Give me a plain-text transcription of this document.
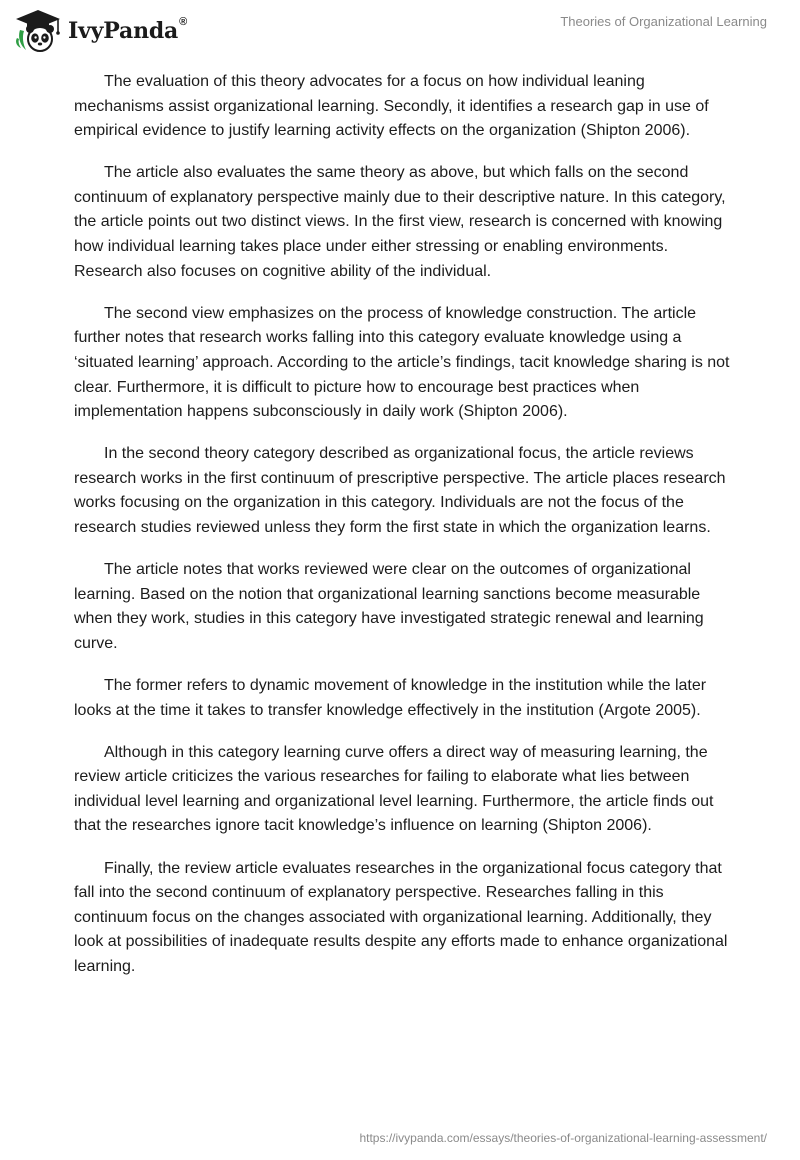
IvyPanda®	Theories of Organizational Learning

The evaluation of this theory advocates for a focus on how individual leaning mechanisms assist organizational learning. Secondly, it identifies a research gap in use of empirical evidence to justify learning activity effects on the organization (Shipton 2006).

The article also evaluates the same theory as above, but which falls on the second continuum of explanatory perspective mainly due to their descriptive nature. In this category, the article points out two distinct views. In the first view, research is concerned with knowing how individual learning takes place under either stressing or enabling environments. Research also focuses on cognitive ability of the individual.

The second view emphasizes on the process of knowledge construction. The article further notes that research works falling into this category evaluate knowledge using a ‘situated learning’ approach. According to the article’s findings, tacit knowledge sharing is not clear. Furthermore, it is difficult to picture how to encourage best practices when implementation happens subconsciously in daily work (Shipton 2006).

In the second theory category described as organizational focus, the article reviews research works in the first continuum of prescriptive perspective. The article places research works focusing on the organization in this category. Individuals are not the focus of the research studies reviewed unless they form the first state in which the organization learns.

The article notes that works reviewed were clear on the outcomes of organizational learning. Based on the notion that organizational learning sanctions become measurable when they work, studies in this category have investigated strategic renewal and learning curve.

The former refers to dynamic movement of knowledge in the institution while the later looks at the time it takes to transfer knowledge effectively in the institution (Argote 2005).

Although in this category learning curve offers a direct way of measuring learning, the review article criticizes the various researches for failing to elaborate what lies between individual level learning and organizational level learning. Furthermore, the article finds out that the researches ignore tacit knowledge’s influence on learning (Shipton 2006).

Finally, the review article evaluates researches in the organizational focus category that fall into the second continuum of explanatory perspective. Researches falling in this continuum focus on the changes associated with organizational learning. Additionally, they look at possibilities of inadequate results despite any efforts made to enhance organizational learning.

https://ivypanda.com/essays/theories-of-organizational-learning-assessment/
